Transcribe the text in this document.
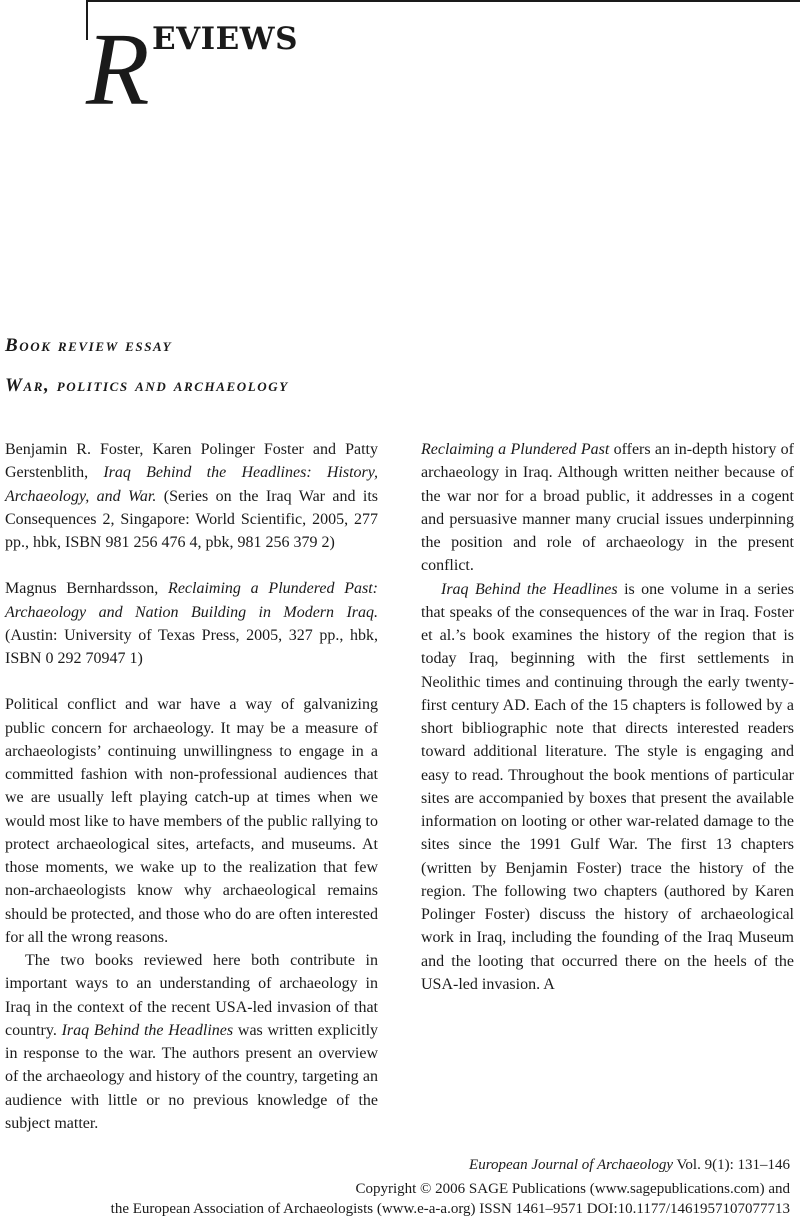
R EVIEWS
Book review essay
War, politics and archaeology

Benjamin R. Foster, Karen Polinger Foster and Patty Gerstenblith, Iraq Behind the Headlines: History, Archaeology, and War. (Series on the Iraq War and its Consequences 2, Singapore: World Scientific, 2005, 277 pp., hbk, ISBN 981 256 476 4, pbk, 981 256 379 2)

Magnus Bernhardsson, Reclaiming a Plundered Past: Archaeology and Nation Building in Modern Iraq. (Austin: University of Texas Press, 2005, 327 pp., hbk, ISBN 0 292 70947 1)

Political conflict and war have a way of galvanizing public concern for archaeology. It may be a measure of archaeologists’ continuing unwillingness to engage in a committed fashion with non-professional audiences that we are usually left playing catch-up at times when we would most like to have members of the public rallying to protect archaeological sites, artefacts, and museums. At those moments, we wake up to the realization that few non-archaeologists know why archaeological remains should be protected, and those who do are often interested for all the wrong reasons.

The two books reviewed here both contribute in important ways to an understanding of archaeology in Iraq in the context of the recent USA-led invasion of that country. Iraq Behind the Headlines was written explicitly in response to the war. The authors present an overview of the archaeology and history of the country, targeting an audience with little or no previous knowledge of the subject matter.

Reclaiming a Plundered Past offers an in-depth history of archaeology in Iraq. Although written neither because of the war nor for a broad public, it addresses in a cogent and persuasive manner many crucial issues underpinning the position and role of archaeology in the present conflict.

Iraq Behind the Headlines is one volume in a series that speaks of the consequences of the war in Iraq. Foster et al.’s book examines the history of the region that is today Iraq, beginning with the first settlements in Neolithic times and continuing through the early twenty-first century AD. Each of the 15 chapters is followed by a short bibliographic note that directs interested readers toward additional literature. The style is engaging and easy to read. Throughout the book mentions of particular sites are accompanied by boxes that present the available information on looting or other war-related damage to the sites since the 1991 Gulf War. The first 13 chapters (written by Benjamin Foster) trace the history of the region. The following two chapters (authored by Karen Polinger Foster) discuss the history of archaeological work in Iraq, including the founding of the Iraq Museum and the looting that occurred there on the heels of the USA-led invasion. A

European Journal of Archaeology Vol. 9(1): 131–146
Copyright © 2006 SAGE Publications (www.sagepublications.com) and
the European Association of Archaeologists (www.e-a-a.org) ISSN 1461–9571 DOI:10.1177/1461957107077713
